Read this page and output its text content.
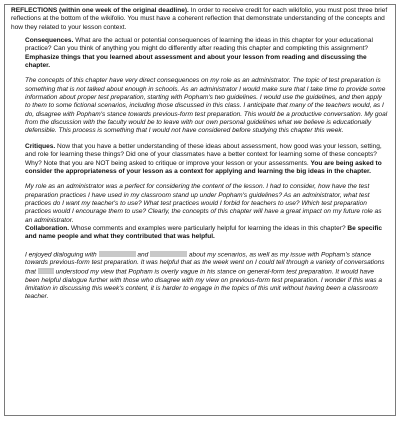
REFLECTIONS (within one week of the original deadline). In order to receive credit for each wikifolio, you must post three brief reflections at the bottom of the wikifolio. You must have a coherent reflection that demonstrate understanding of the concepts and how they related to your lesson context.

Consequences. What are the actual or potential consequences of learning the ideas in this chapter for your educational practice? Can you think of anything you might do differently after reading this chapter and completing this assignment? Emphasize things that you learned about assessment and about your lesson from reading and discussing the chapter.

The concepts of this chapter have very direct consequences on my role as an administrator. The topic of test preparation is something that is not talked about enough in schools. As an administrator I would make sure that I take time to provide some information about proper test preparation, starting with Popham's two guidelines. I would use the guidelines, and then apply to them to some fictional scenarios, including those discussed in this class. I anticipate that many of the teachers would, as I do, disagree with Popham's stance towards previous-form test preparation. This would be a productive conversation. My goal from the discussion with the faculty would be to leave with our own personal guidelines what we believe is educationally defensible. This process is something that I would not have considered before studying this chapter this week.

Critiques. Now that you have a better understanding of these ideas about assessment, how good was your lesson, setting, and role for learning these things? Did one of your classmates have a better context for learning some of these concepts? Why? Note that you are NOT being asked to critique or improve your lesson or your assessments. You are being asked to consider the appropriateness of your lesson as a context for applying and learning the big ideas in the chapter.

My role as an administrator was a perfect for considering the content of the lesson. I had to consider, how have the test preparation practices I have used in my classroom stand up under Popham's guidelines? As an administrator, what test practices do I want my teacher's to use? What test practices would I forbid for teachers to use? Which test preparation practices would I encourage them to use? Clearly, the concepts of this chapter will have a great impact on my future role as an administrator.

Collaboration. Whose comments and examples were particularly helpful for learning the ideas in this chapter? Be specific and name people and what they contributed that was helpful.

I enjoyed dialoguing with	and	about my scenarios, as well as my issue with Popham's stance towards previous-form test preparation. It was helpful that as the week went on I could tell through a variety of conversations that  understood my view that Popham is overly vague in his stance on general-form test preparation. It would have been helpful dialogue further with those who disagree with my view on previous-form test preparation. I wonder if this was a limitation in discussing this week's content, it is harder to engage in the topics of this unit without having been a classroom teacher.
